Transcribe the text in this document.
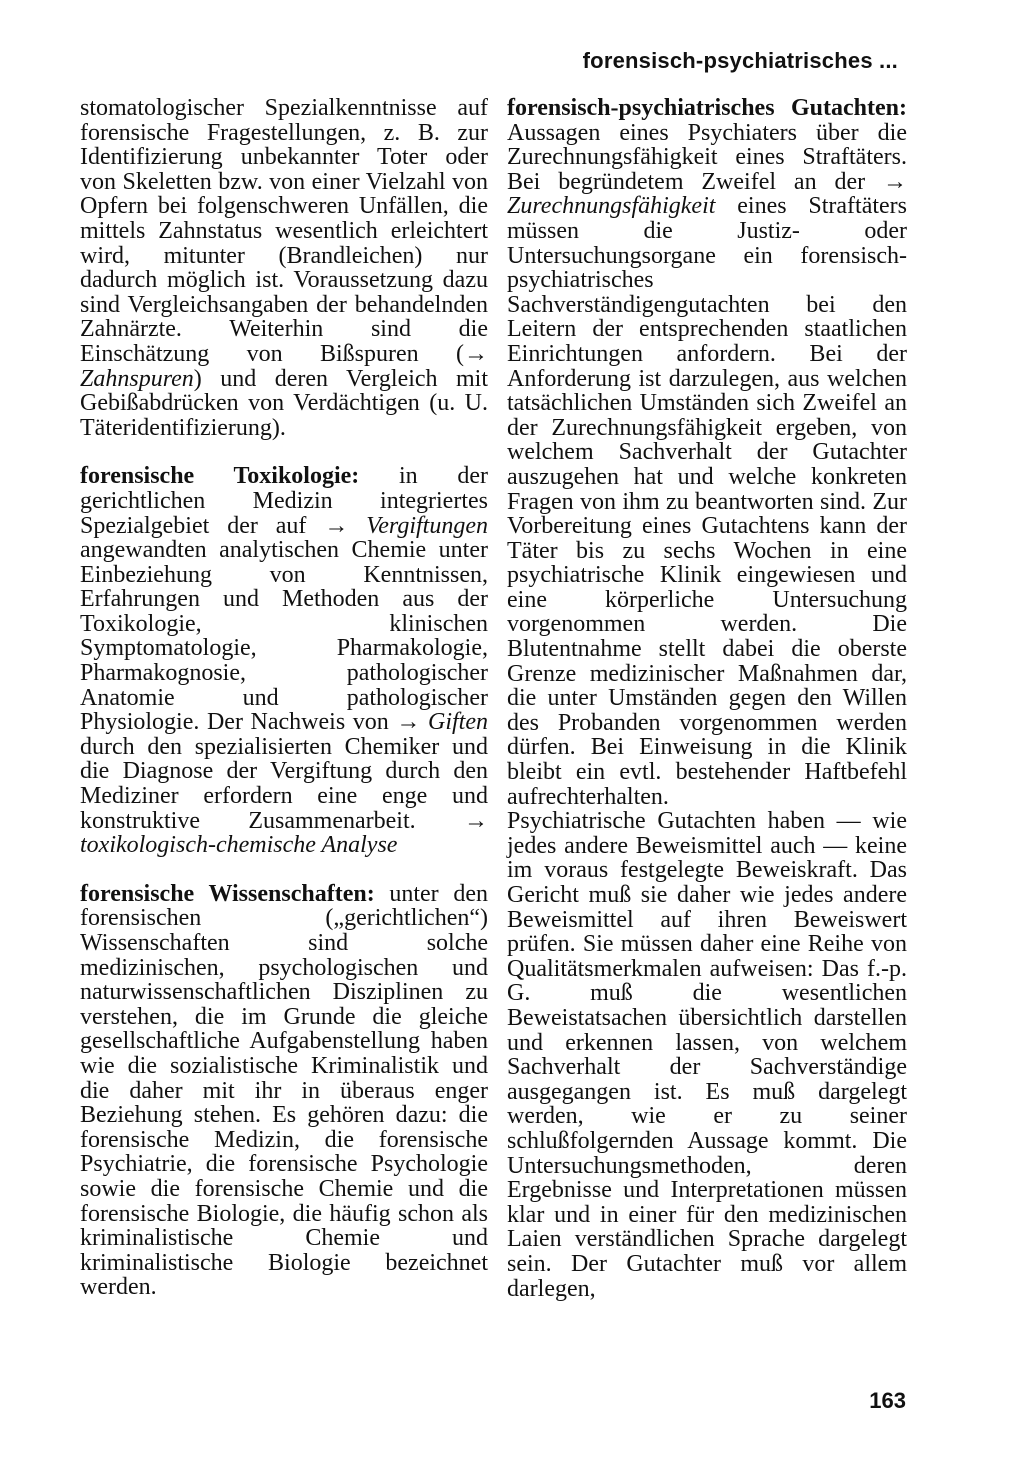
forensisch-psychiatrisches ...

stomatologischer Spezialkenntnisse auf forensische Fragestellungen, z. B. zur Identifizierung unbekannter Toter oder von Skeletten bzw. von einer Vielzahl von Opfern bei folgenschweren Unfällen, die mittels Zahnstatus wesentlich erleichtert wird, mitunter (Brandleichen) nur dadurch möglich ist. Voraussetzung dazu sind Vergleichsangaben der behandelnden Zahnärzte. Weiterhin sind die Einschätzung von Bißspuren (→ Zahnspuren) und deren Vergleich mit Gebißabdrücken von Verdächtigen (u. U. Täteridentifizierung).

forensische Toxikologie: in der gerichtlichen Medizin integriertes Spezialgebiet der auf → Vergiftungen angewandten analytischen Chemie unter Einbeziehung von Kenntnissen, Erfahrungen und Methoden aus der Toxikologie, klinischen Symptomatologie, Pharmakologie, Pharmakognosie, pathologischer Anatomie und pathologischer Physiologie. Der Nachweis von → Giften durch den spezialisierten Chemiker und die Diagnose der Vergiftung durch den Mediziner erfordern eine enge und konstruktive Zusammenarbeit. → toxikologisch-chemische Analyse

forensische Wissenschaften: unter den forensischen („gerichtlichen“) Wissenschaften sind solche medizinischen, psychologischen und naturwissenschaftlichen Disziplinen zu verstehen, die im Grunde die gleiche gesellschaftliche Aufgabenstellung haben wie die sozialistische Kriminalistik und die daher mit ihr in überaus enger Beziehung stehen. Es gehören dazu: die forensische Medizin, die forensische Psychiatrie, die forensische Psychologie sowie die forensische Chemie und die forensische Biologie, die häufig schon als kriminalistische Chemie und kriminalistische Biologie bezeichnet werden.

forensisch-psychiatrisches Gutachten: Aussagen eines Psychiaters über die Zurechnungsfähigkeit eines Straftäters. Bei begründetem Zweifel an der → Zurechnungsfähigkeit eines Straftäters müssen die Justiz- oder Untersuchungsorgane ein forensisch-psychiatrisches Sachverständigengutachten bei den Leitern der entsprechenden staatlichen Einrichtungen anfordern. Bei der Anforderung ist darzulegen, aus welchen tatsächlichen Umständen sich Zweifel an der Zurechnungsfähigkeit ergeben, von welchem Sachverhalt der Gutachter auszugehen hat und welche konkreten Fragen von ihm zu beantworten sind. Zur Vorbereitung eines Gutachtens kann der Täter bis zu sechs Wochen in eine psychiatrische Klinik eingewiesen und eine körperliche Untersuchung vorgenommen werden. Die Blutentnahme stellt dabei die oberste Grenze medizinischer Maßnahmen dar, die unter Umständen gegen den Willen des Probanden vorgenommen werden dürfen. Bei Einweisung in die Klinik bleibt ein evtl. bestehender Haftbefehl aufrechterhalten.

Psychiatrische Gutachten haben — wie jedes andere Beweismittel auch — keine im voraus festgelegte Beweiskraft. Das Gericht muß sie daher wie jedes andere Beweismittel auf ihren Beweiswert prüfen. Sie müssen daher eine Reihe von Qualitätsmerkmalen aufweisen: Das f.-p. G. muß die wesentlichen Beweistatsachen übersichtlich darstellen und erkennen lassen, von welchem Sachverhalt der Sachverständige ausgegangen ist. Es muß dargelegt werden, wie er zu seiner schlußfolgernden Aussage kommt. Die Untersuchungsmethoden, deren Ergebnisse und Interpretationen müssen klar und in einer für den medizinischen Laien verständlichen Sprache dargelegt sein. Der Gutachter muß vor allem darlegen,

163
